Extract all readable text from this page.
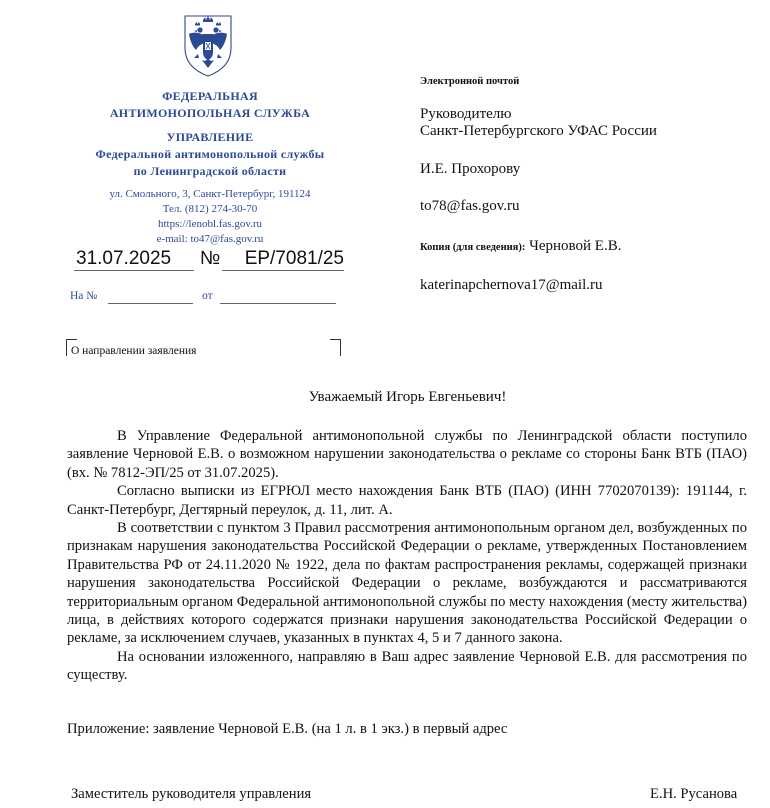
ФЕДЕРАЛЬНАЯ
АНТИМОНОПОЛЬНАЯ СЛУЖБА
УПРАВЛЕНИЕ
Федеральной антимонопольной службы
по Ленинградской области
ул. Смольного, 3, Санкт-Петербург, 191124
Тел. (812) 274-30-70
https://lenobl.fas.gov.ru
e-mail: to47@fas.gov.ru
31.07.2025	№	ЕР/7081/25
На №	от
О направлении заявления
Электронной почтой
Руководителю
Санкт-Петербургского УФАС России
И.Е. Прохорову
to78@fas.gov.ru
Копия (для сведения): Черновой Е.В.
katerinapchernova17@mail.ru
Уважаемый Игорь Евгеньевич!

В Управление Федеральной антимонопольной службы по Ленинградской области поступило заявление Черновой Е.В. о возможном нарушении законодательства о рекламе со стороны Банк ВТБ (ПАО) (вх. № 7812-ЭП/25 от 31.07.2025).

Согласно выписки из ЕГРЮЛ место нахождения Банк ВТБ (ПАО) (ИНН 7702070139): 191144, г. Санкт-Петербург, Дегтярный переулок, д. 11, лит. А.

В соответствии с пунктом 3 Правил рассмотрения антимонопольным органом дел, возбужденных по признакам нарушения законодательства Российской Федерации о рекламе, утвержденных Постановлением Правительства РФ от 24.11.2020 № 1922, дела по фактам распространения рекламы, содержащей признаки нарушения законодательства Российской Федерации о рекламе, возбуждаются и рассматриваются территориальным органом Федеральной антимонопольной службы по месту нахождения (месту жительства) лица, в действиях которого содержатся признаки нарушения законодательства Российской Федерации о рекламе, за исключением случаев, указанных в пунктах 4, 5 и 7 данного закона.

На основании изложенного, направляю в Ваш адрес заявление Черновой Е.В. для рассмотрения по существу.

Приложение: заявление Черновой Е.В. (на 1 л. в 1 экз.) в первый адрес
Заместитель руководителя управления	Е.Н. Русанова
